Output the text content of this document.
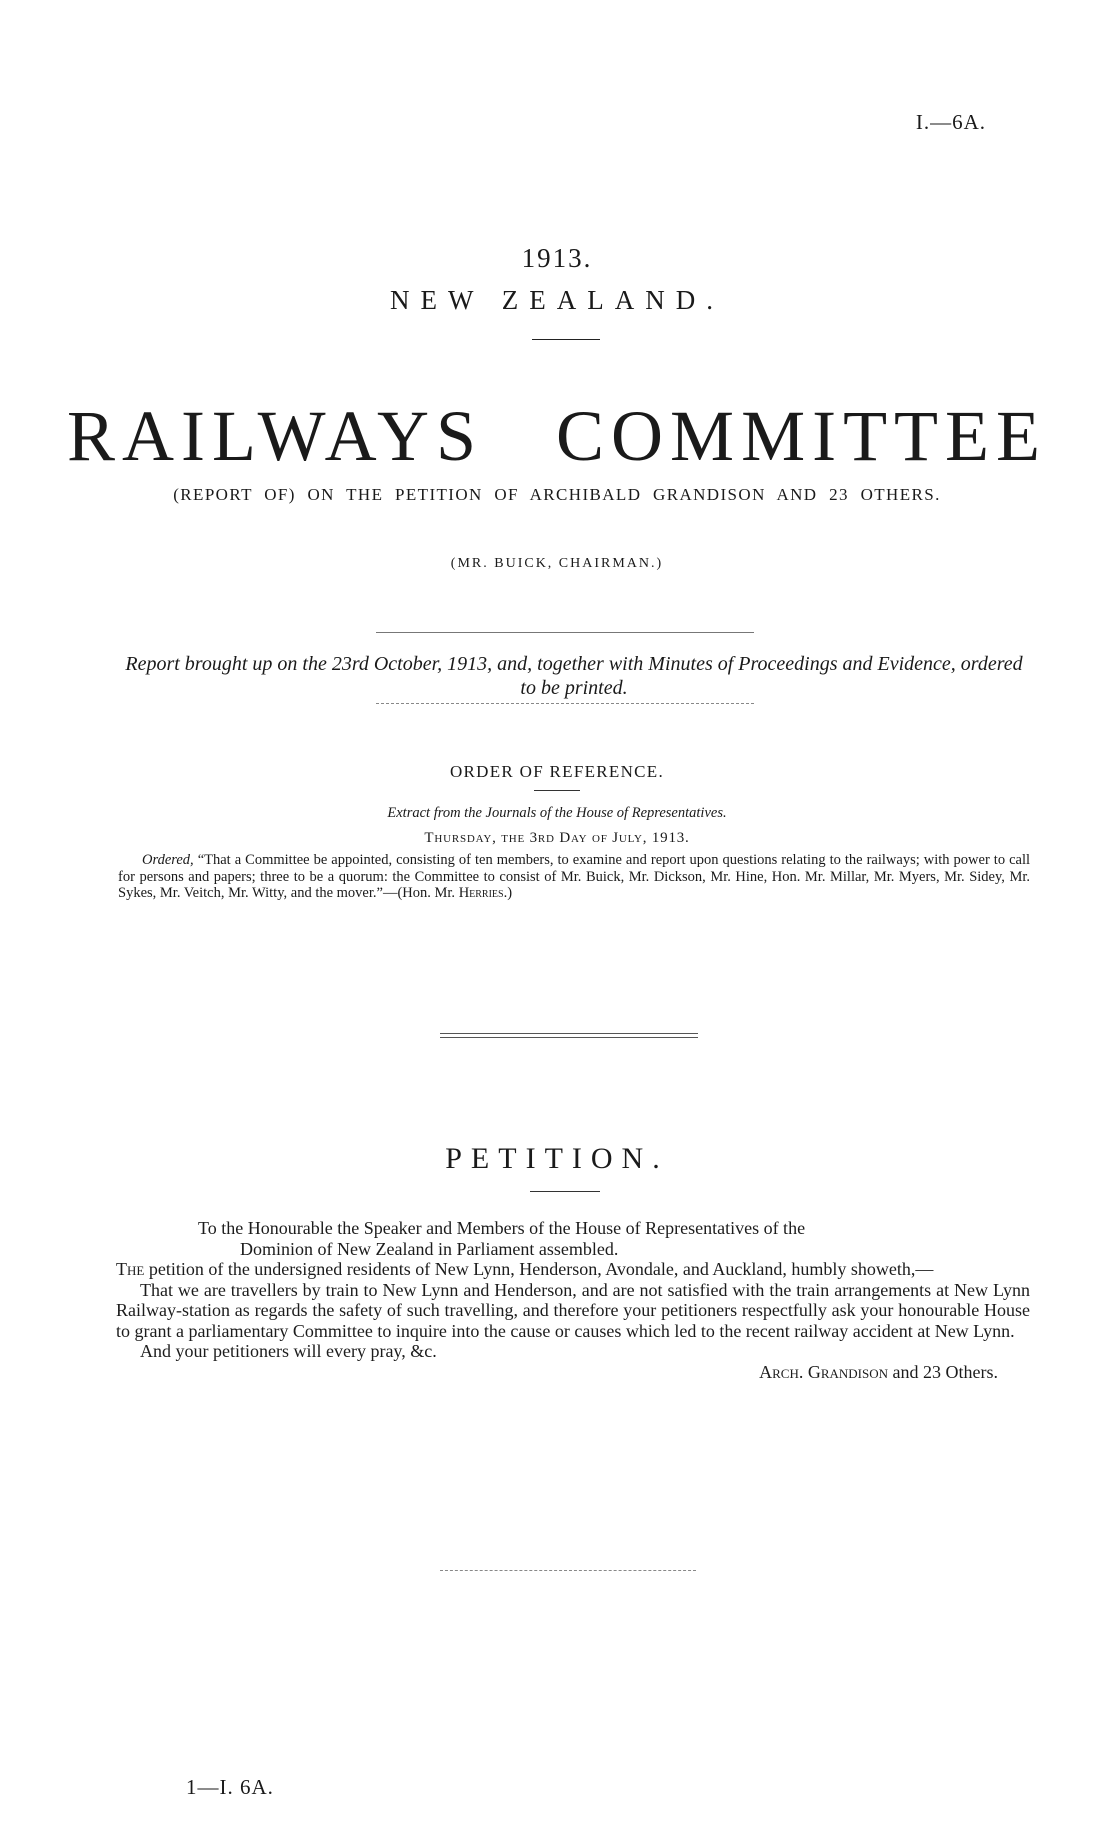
I.—6A.
1913.
NEW ZEALAND.
RAILWAYS COMMITTEE
(REPORT OF) ON THE PETITION OF ARCHIBALD GRANDISON AND 23 OTHERS.
(MR. BUICK, CHAIRMAN.)
Report brought up on the 23rd October, 1913, and, together with Minutes of Proceedings and Evidence, ordered to be printed.
ORDER OF REFERENCE.
Extract from the Journals of the House of Representatives.
Thursday, the 3rd Day of July, 1913.

Ordered, “That a Committee be appointed, consisting of ten members, to examine and report upon questions relating to the railways; with power to call for persons and papers; three to be a quorum: the Committee to consist of Mr. Buick, Mr. Dickson, Mr. Hine, Hon. Mr. Millar, Mr. Myers, Mr. Sidey, Mr. Sykes, Mr. Veitch, Mr. Witty, and the mover.”—(Hon. Mr. Herries.)

PETITION.

To the Honourable the Speaker and Members of the House of Representatives of the

Dominion of New Zealand in Parliament assembled.

The petition of the undersigned residents of New Lynn, Henderson, Avondale, and Auckland, humbly showeth,—

That we are travellers by train to New Lynn and Henderson, and are not satisfied with the train arrangements at New Lynn Railway-station as regards the safety of such travelling, and therefore your petitioners respectfully ask your honourable House to grant a parliamentary Committee to inquire into the cause or causes which led to the recent railway accident at New Lynn.

And your petitioners will every pray, &c.

Arch. Grandison and 23 Others.

1—I. 6A.
